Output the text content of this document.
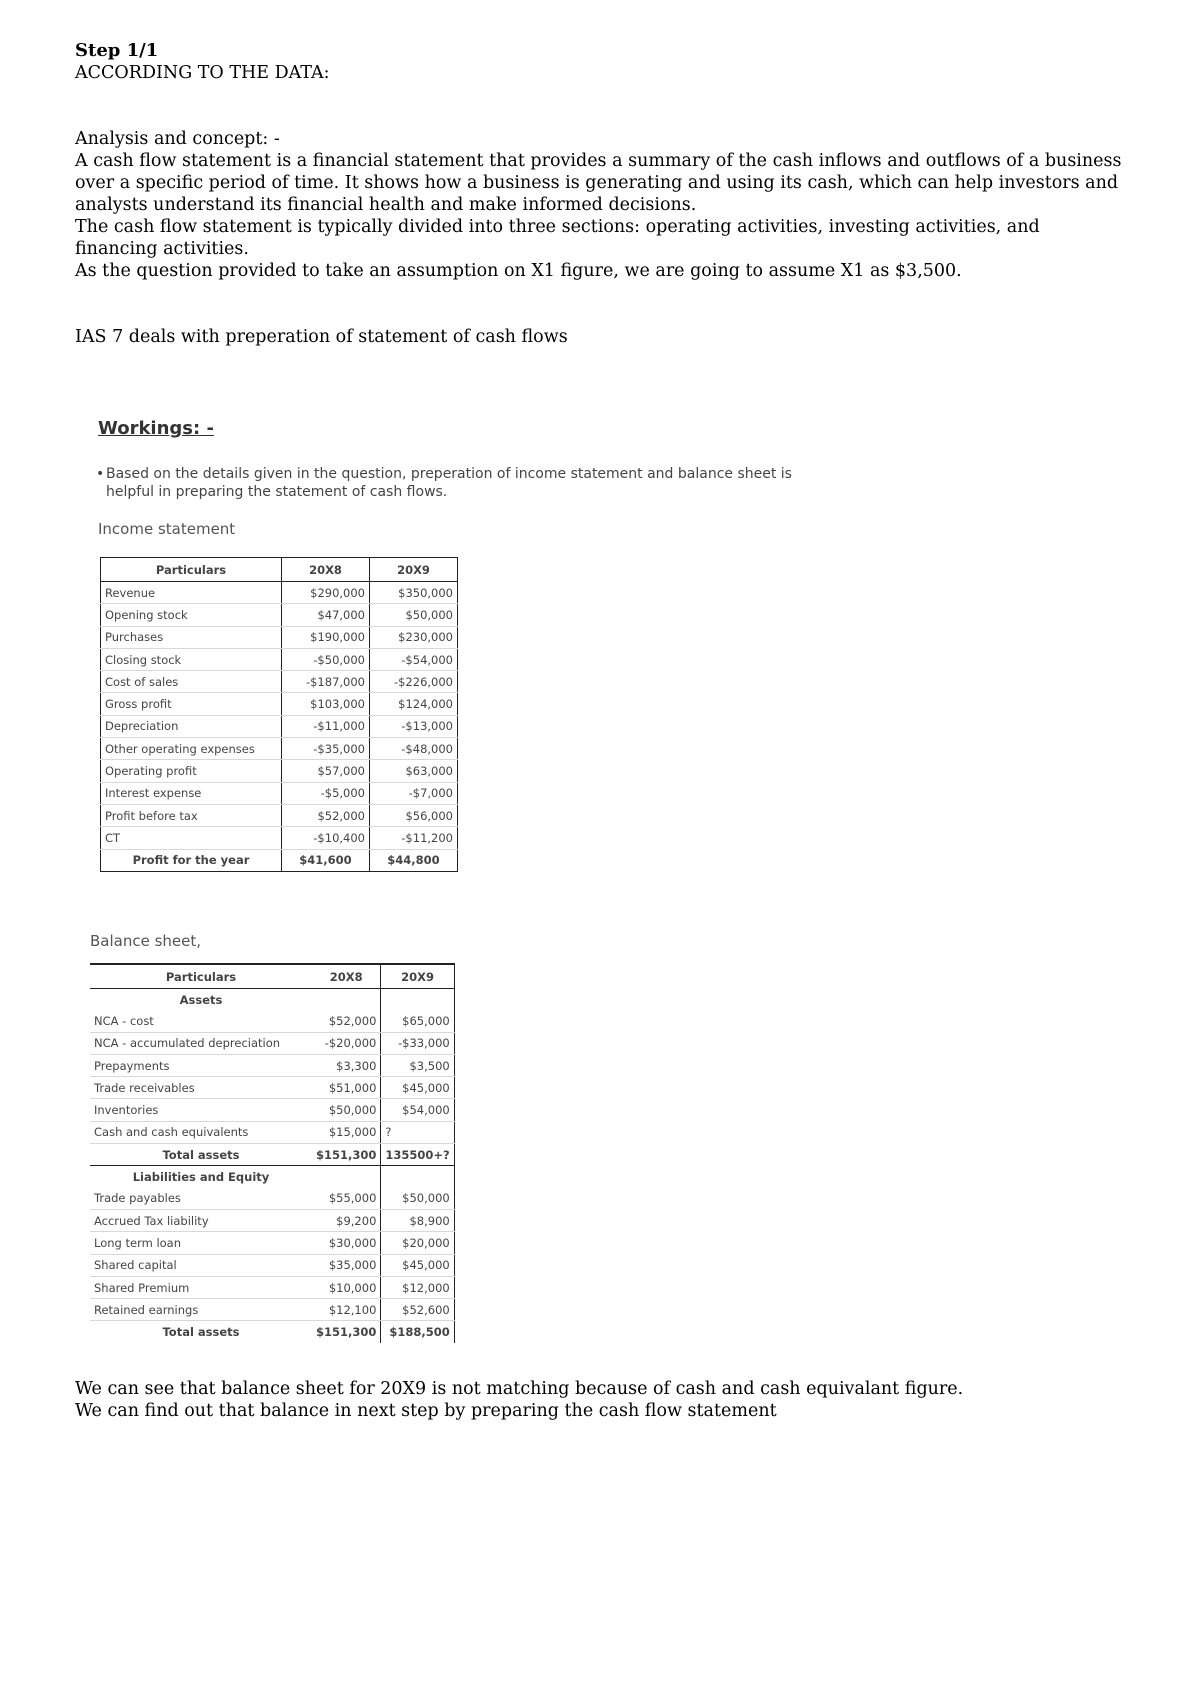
Step 1/1

ACCORDING TO THE DATA:

Analysis and concept: -

A cash flow statement is a financial statement that provides a summary of the cash inflows and outflows of a business over a specific period of time. It shows how a business is generating and using its cash, which can help investors and analysts understand its financial health and make informed decisions.

The cash flow statement is typically divided into three sections: operating activities, investing activities, and financing activities.

As the question provided to take an assumption on X1 figure, we are going to assume X1 as $3,500.

IAS 7 deals with preperation of statement of cash flows

Workings: -
• Based on the details given in the question, preperation of income statement and balance sheet is helpful in preparing the statement of cash flows.
Income statement
Particulars	20X8	20X9
Revenue	$290,000	$350,000
Opening stock	$47,000	$50,000
Purchases	$190,000	$230,000
Closing stock	-$50,000	-$54,000
Cost of sales	-$187,000	-$226,000
Gross profit	$103,000	$124,000
Depreciation	-$11,000	-$13,000
Other operating expenses	-$35,000	-$48,000
Operating profit	$57,000	$63,000
Interest expense	-$5,000	-$7,000
Profit before tax	$52,000	$56,000
CT	-$10,400	-$11,200
Profit for the year	$41,600	$44,800
Balance sheet,
Particulars	20X8	20X9
Assets		
NCA - cost	$52,000	$65,000
NCA - accumulated depreciation	-$20,000	-$33,000
Prepayments	$3,300	$3,500
Trade receivables	$51,000	$45,000
Inventories	$50,000	$54,000
Cash and cash equivalents	$15,000	?
Total assets	$151,300	135500+?
Liabilities and Equity		
Trade payables	$55,000	$50,000
Accrued Tax liability	$9,200	$8,900
Long term loan	$30,000	$20,000
Shared capital	$35,000	$45,000
Shared Premium	$10,000	$12,000
Retained earnings	$12,100	$52,600
Total assets	$151,300	$188,500

We can see that balance sheet for 20X9 is not matching because of cash and cash equivalant figure.

We can find out that balance in next step by preparing the cash flow statement
